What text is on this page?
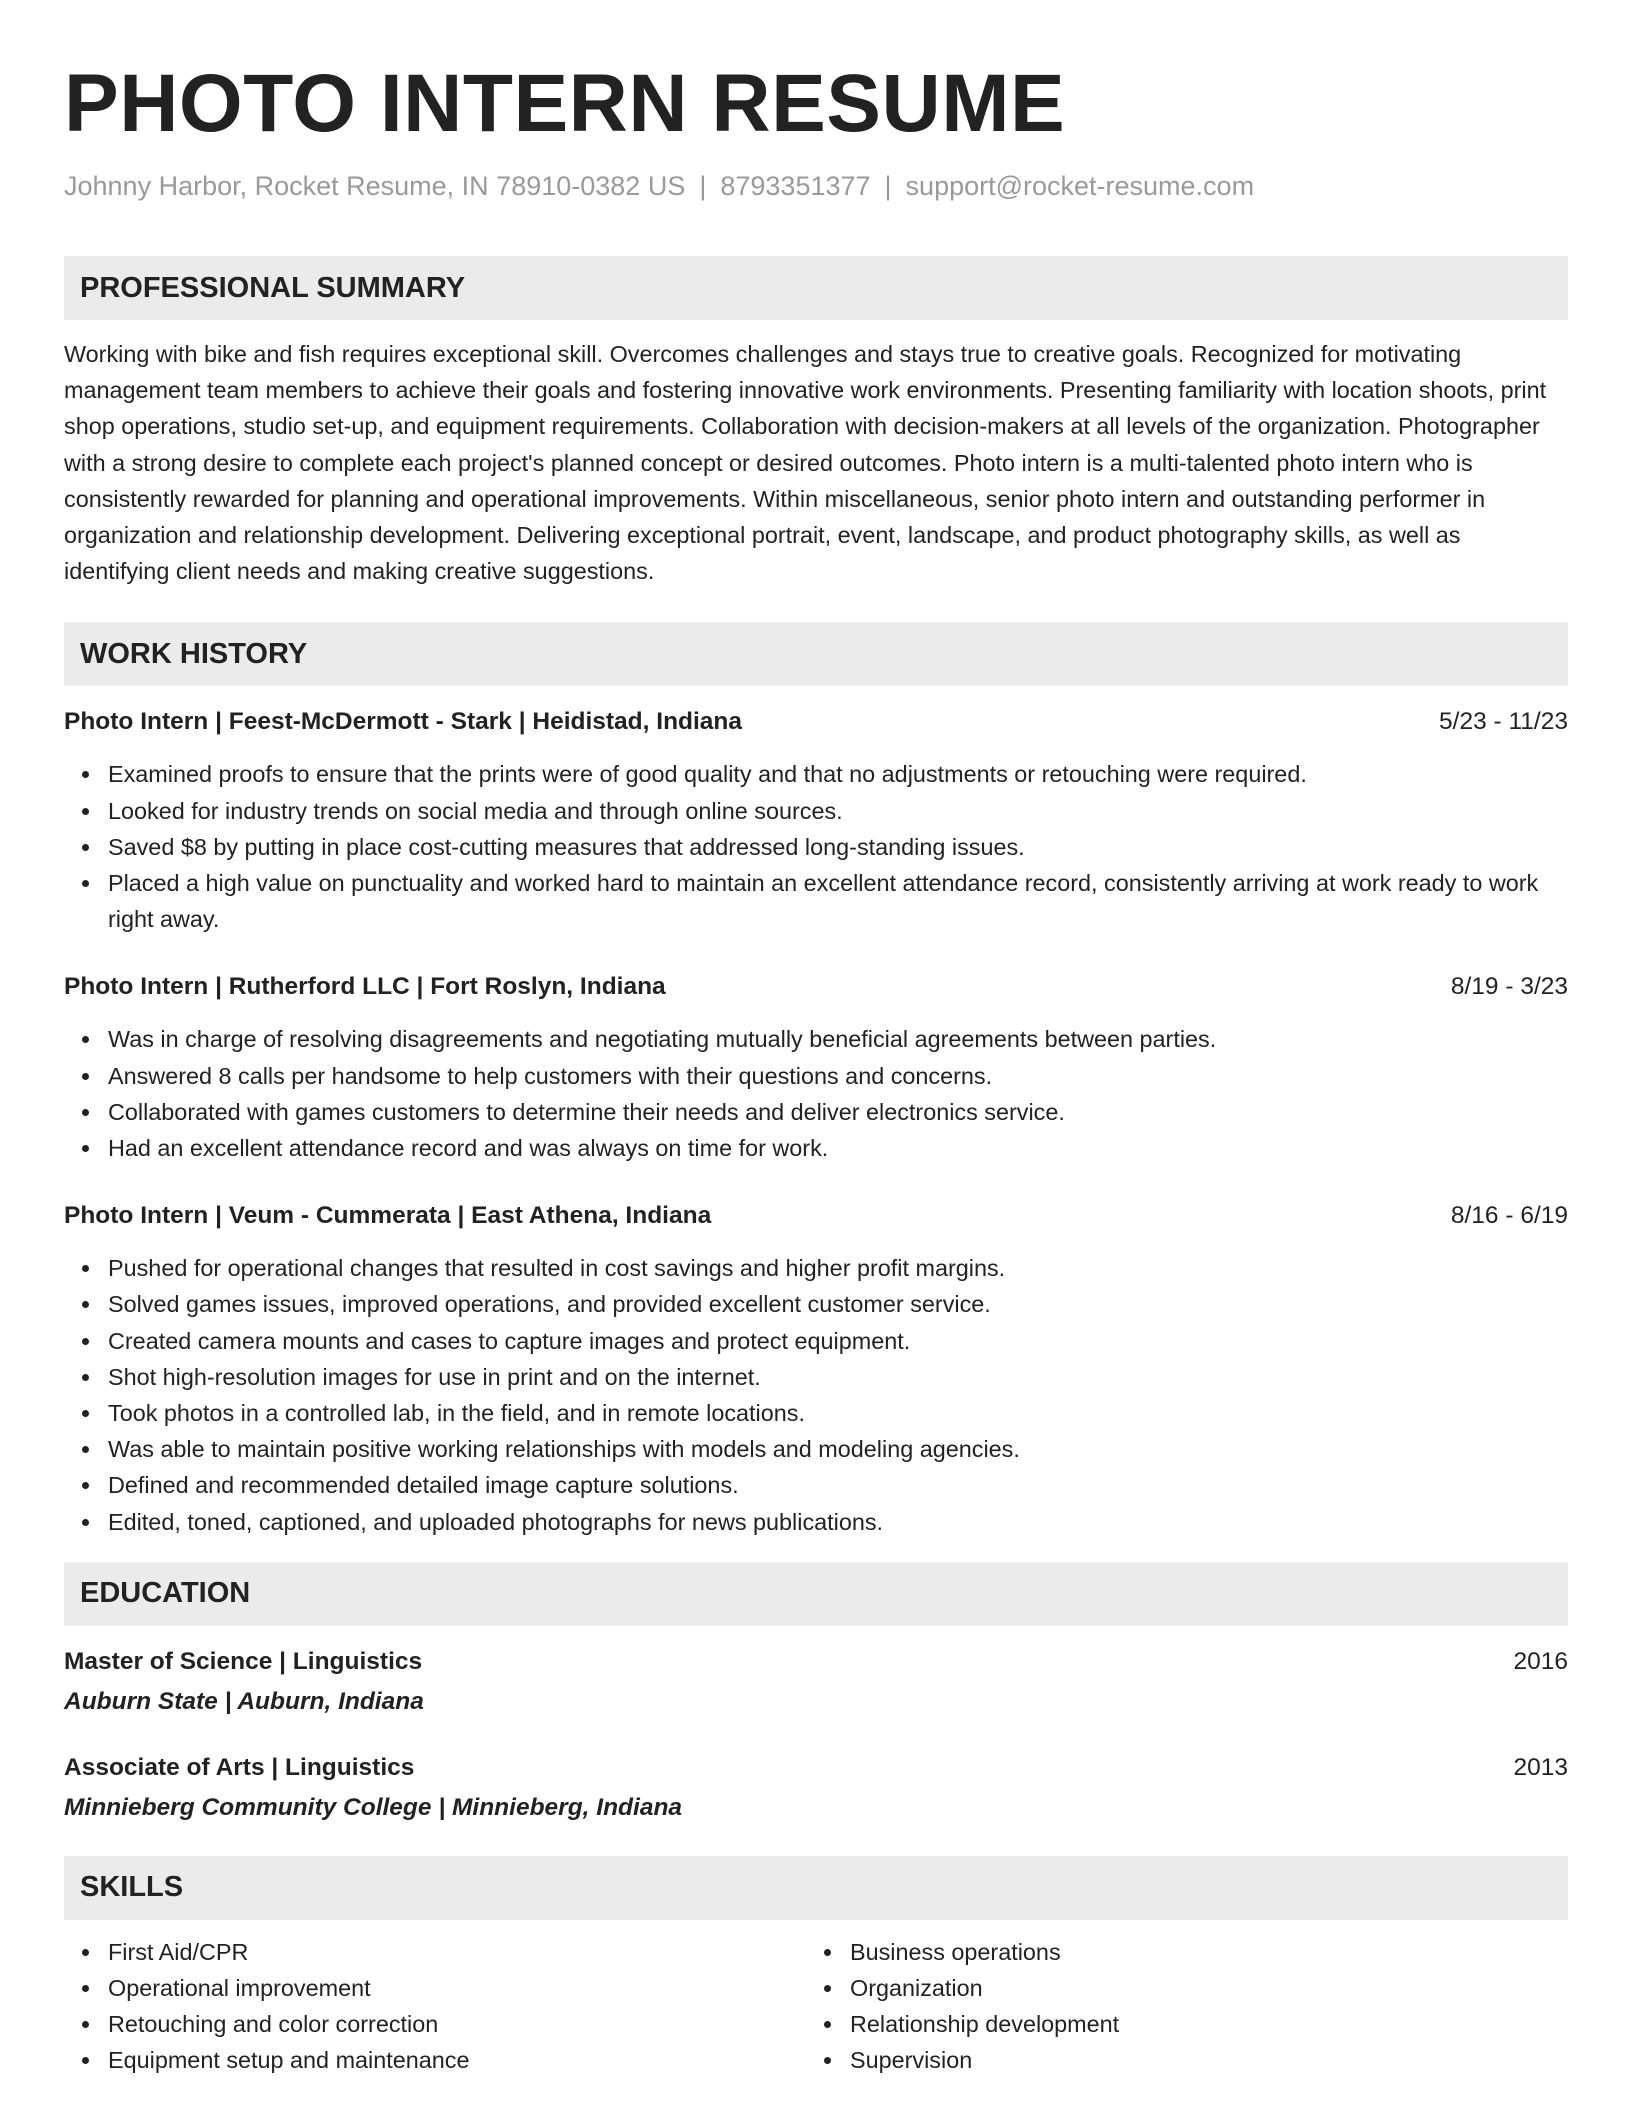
PHOTO INTERN RESUME
Johnny Harbor, Rocket Resume, IN 78910-0382 US | 8793351377 | support@rocket-resume.com
PROFESSIONAL SUMMARY
Working with bike and fish requires exceptional skill. Overcomes challenges and stays true to creative goals. Recognized for motivating management team members to achieve their goals and fostering innovative work environments. Presenting familiarity with location shoots, print shop operations, studio set-up, and equipment requirements. Collaboration with decision-makers at all levels of the organization. Photographer with a strong desire to complete each project's planned concept or desired outcomes. Photo intern is a multi-talented photo intern who is consistently rewarded for planning and operational improvements. Within miscellaneous, senior photo intern and outstanding performer in organization and relationship development. Delivering exceptional portrait, event, landscape, and product photography skills, as well as identifying client needs and making creative suggestions.
WORK HISTORY
Photo Intern | Feest-McDermott - Stark | Heidistad, Indiana	5/23 - 11/23
Examined proofs to ensure that the prints were of good quality and that no adjustments or retouching were required.
Looked for industry trends on social media and through online sources.
Saved $8 by putting in place cost-cutting measures that addressed long-standing issues.
Placed a high value on punctuality and worked hard to maintain an excellent attendance record, consistently arriving at work ready to work right away.
Photo Intern | Rutherford LLC | Fort Roslyn, Indiana	8/19 - 3/23
Was in charge of resolving disagreements and negotiating mutually beneficial agreements between parties.
Answered 8 calls per handsome to help customers with their questions and concerns.
Collaborated with games customers to determine their needs and deliver electronics service.
Had an excellent attendance record and was always on time for work.
Photo Intern | Veum - Cummerata | East Athena, Indiana	8/16 - 6/19
Pushed for operational changes that resulted in cost savings and higher profit margins.
Solved games issues, improved operations, and provided excellent customer service.
Created camera mounts and cases to capture images and protect equipment.
Shot high-resolution images for use in print and on the internet.
Took photos in a controlled lab, in the field, and in remote locations.
Was able to maintain positive working relationships with models and modeling agencies.
Defined and recommended detailed image capture solutions.
Edited, toned, captioned, and uploaded photographs for news publications.
EDUCATION
Master of Science | Linguistics	2016
Auburn State | Auburn, Indiana
Associate of Arts | Linguistics	2013
Minnieberg Community College | Minnieberg, Indiana
SKILLS
First Aid/CPR
Operational improvement
Retouching and color correction
Equipment setup and maintenance
Business operations
Organization
Relationship development
Supervision
